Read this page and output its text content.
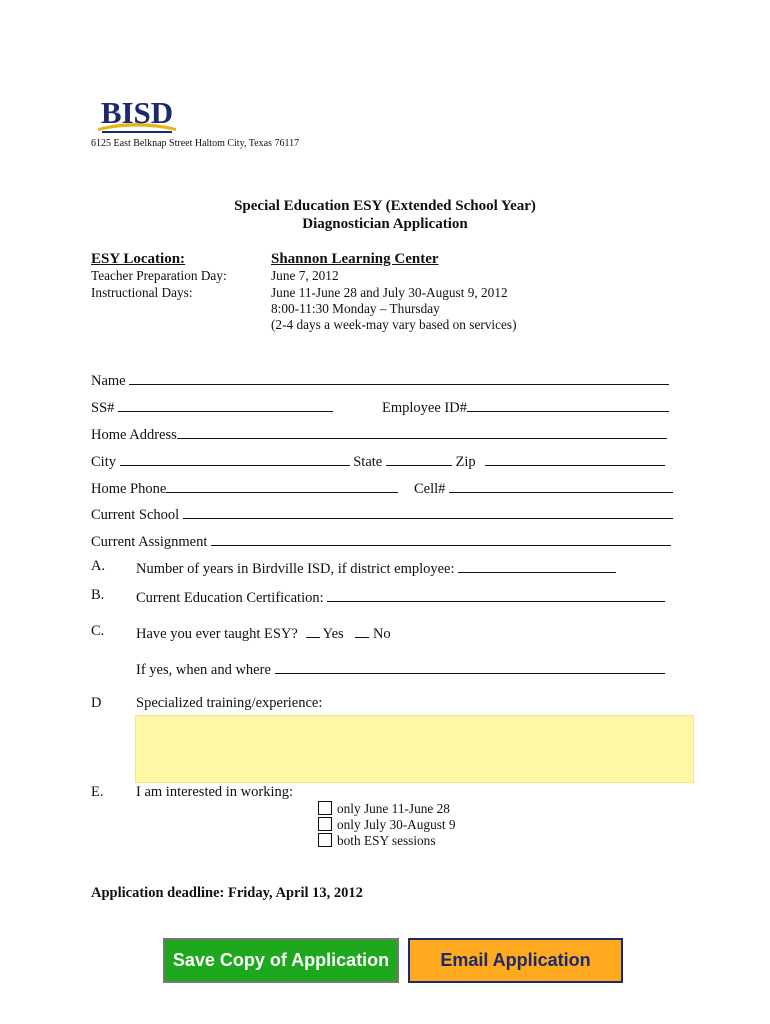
BISD
6125 East Belknap Street Haltom City, Texas 76117
Special Education ESY (Extended School Year)
Diagnostician Application
ESY Location:	Shannon Learning Center
Teacher Preparation Day:	June 7, 2012
Instructional Days:	June 11-June 28 and July 30-August 9, 2012
8:00-11:30 Monday – Thursday
(2-4 days a week-may vary based on services)
Name
SS#	Employee ID#
Home Address
City	State	Zip
Home Phone	Cell#
Current School
Current Assignment
A. Number of years in Birdville ISD, if district employee:
B. Current Education Certification:
C. Have you ever taught ESY? Yes No
If yes, when and where
D Specialized training/experience:
E. I am interested in working:
only June 11-June 28
only July 30-August 9
both ESY sessions
Application deadline: Friday, April 13, 2012
Save Copy of Application	Email Application
